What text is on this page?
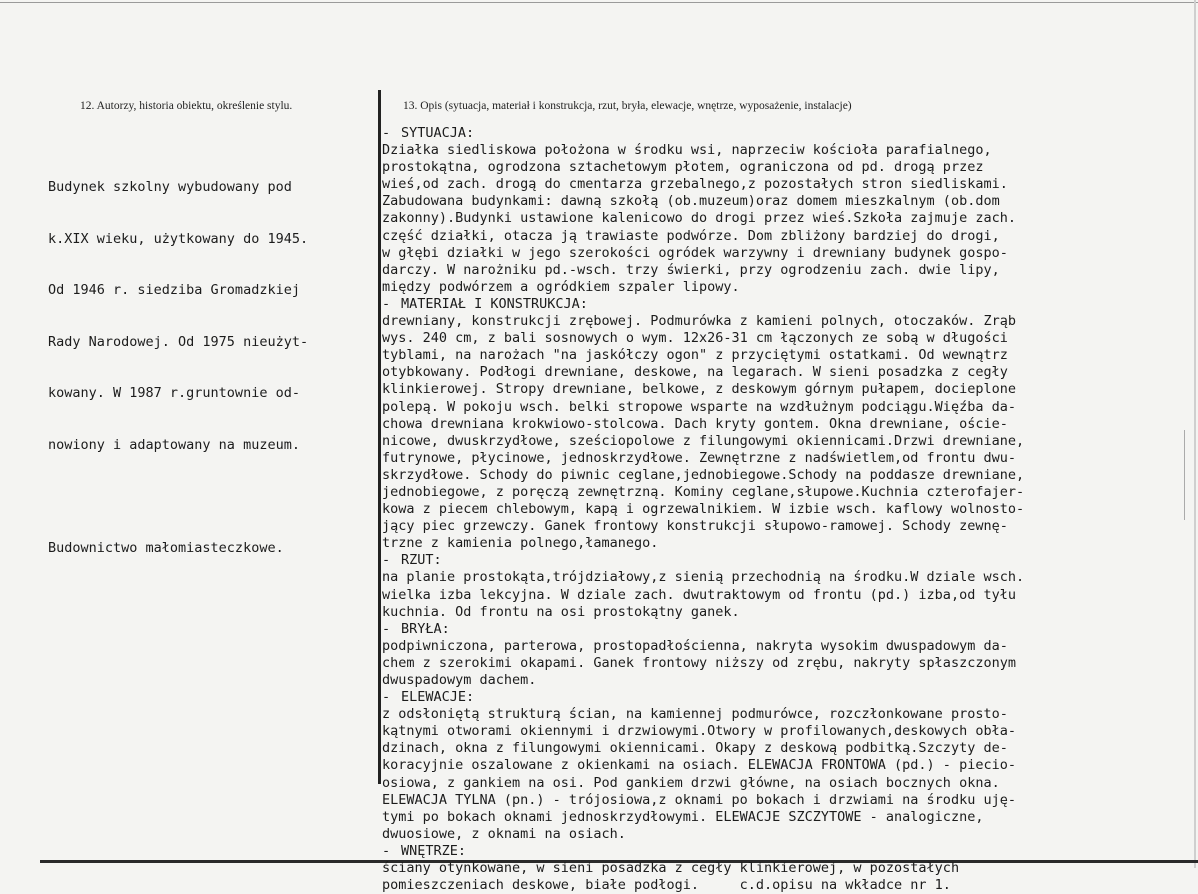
12. Autorzy, historia obiektu, określenie stylu.	13. Opis (sytuacja, materiał i konstrukcja, rzut, bryła, elewacje, wnętrze, wyposażenie, instalacje)

Budynek szkolny wybudowany pod

k.XIX wieku, użytkowany do 1945.

Od 1946 r. siedziba Gromadzkiej

Rady Narodowej. Od 1975 nieużyt-

kowany. W 1987 r.gruntownie od-

nowiony i adaptowany na muzeum.

Budownictwo małomiasteczkowe.

- SYTUACJA:
Działka siedliskowa położona w środku wsi, naprzeciw kościoła parafialnego,
prostokątna, ogrodzona sztachetowym płotem, ograniczona od pd. drogą przez
wieś,od zach. drogą do cmentarza grzebalnego,z pozostałych stron siedliskami.
Zabudowana budynkami: dawną szkołą (ob.muzeum)oraz domem mieszkalnym (ob.dom
zakonny).Budynki ustawione kalenicowo do drogi przez wieś.Szkoła zajmuje zach.
część działki, otacza ją trawiaste podwórze. Dom zbliżony bardziej do drogi,
w głębi działki w jego szerokości ogródek warzywny i drewniany budynek gospo-
darczy. W narożniku pd.-wsch. trzy świerki, przy ogrodzeniu zach. dwie lipy,
między podwórzem a ogródkiem szpaler lipowy.
- MATERIAŁ I KONSTRUKCJA:
drewniany, konstrukcji zrębowej. Podmurówka z kamieni polnych, otoczaków. Zrąb
wys. 240 cm, z bali sosnowych o wym. 12x26-31 cm łączonych ze sobą w długości
tyblami, na narożach "na jaskółczy ogon" z przyciętymi ostatkami. Od wewnątrz
otybkowany. Podłogi drewniane, deskowe, na legarach. W sieni posadzka z cegły
klinkierowej. Stropy drewniane, belkowe, z deskowym górnym pułapem, docieplone
polepą. W pokoju wsch. belki stropowe wsparte na wzdłużnym podciągu.Więźba da-
chowa drewniana krokwiowo-stolcowa. Dach kryty gontem. Okna drewniane, oście-
nicowe, dwuskrzydłowe, sześciopolowe z filungowymi okiennicami.Drzwi drewniane,
futrynowe, płycinowe, jednoskrzydłowe. Zewnętrzne z nadświetlem,od frontu dwu-
skrzydłowe. Schody do piwnic ceglane,jednobiegowe.Schody na poddasze drewniane,
jednobiegowe, z poręczą zewnętrzną. Kominy ceglane,słupowe.Kuchnia czterofajer-
kowa z piecem chlebowym, kapą i ogrzewalnikiem. W izbie wsch. kaflowy wolnosto-
jący piec grzewczy. Ganek frontowy konstrukcji słupowo-ramowej. Schody zewnę-
trzne z kamienia polnego,łamanego.
- RZUT:
na planie prostokąta,trójdziałowy,z sienią przechodnią na środku.W dziale wsch.
wielka izba lekcyjna. W dziale zach. dwutraktowym od frontu (pd.) izba,od tyłu
kuchnia. Od frontu na osi prostokątny ganek.
- BRYŁA:
podpiwniczona, parterowa, prostopadłościenna, nakryta wysokim dwuspadowym da-
chem z szerokimi okapami. Ganek frontowy niższy od zrębu, nakryty spłaszczonym
dwuspadowym dachem.
- ELEWACJE:
z odsłoniętą strukturą ścian, na kamiennej podmurówce, rozczłonkowane prosto-
kątnymi otworami okiennymi i drzwiowymi.Otwory w profilowanych,deskowych obła-
dzinach, okna z filungowymi okiennicami. Okapy z deskową podbitką.Szczyty de-
koracyjnie oszalowane z okienkami na osiach. ELEWACJA FRONTOWA (pd.) - piecio-
osiowa, z gankiem na osi. Pod gankiem drzwi główne, na osiach bocznych okna.
ELEWACJA TYLNA (pn.) - trójosiowa,z oknami po bokach i drzwiami na środku uję-
tymi po bokach oknami jednoskrzydłowymi. ELEWACJE SZCZYTOWE - analogiczne,
dwuosiowe, z oknami na osiach.
- WNĘTRZE:
ściany otynkowane, w sieni posadzka z cegły klinkierowej, w pozostałych
pomieszczeniach deskowe, białe podłogi.     c.d.opisu na wkładce nr 1.
